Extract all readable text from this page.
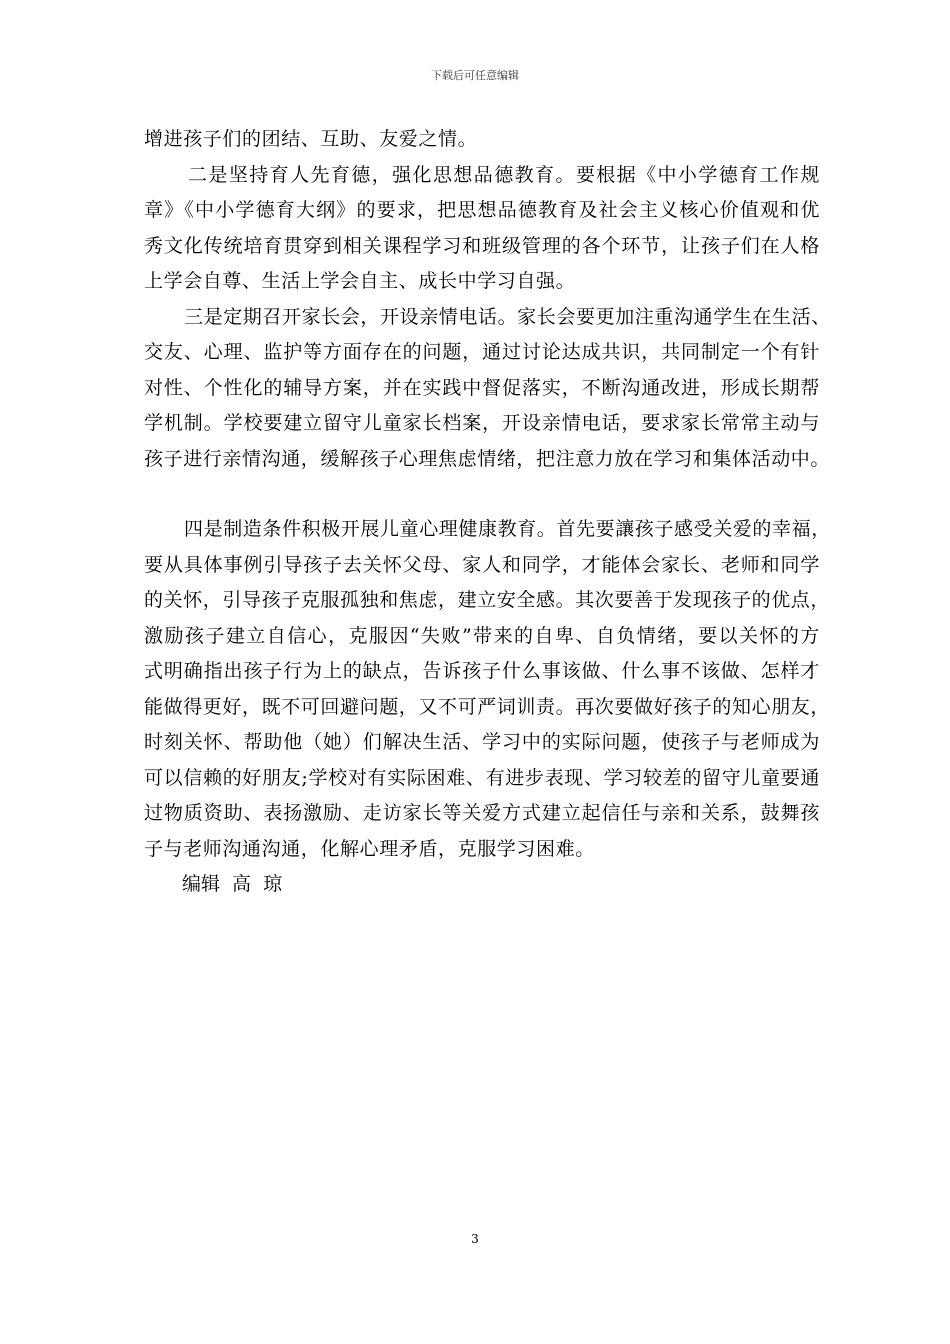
下载后可任意编辑
增进孩子们的团结、互助、友爱之情。
二是坚持育人先育德，强化思想品德教育。要根据《中小学德育工作规
章》《中小学德育大纲》的要求，把思想品德教育及社会主义核心价值观和优
秀文化传统培育贯穿到相关课程学习和班级管理的各个环节，让孩子们在人格
上学会自尊、生活上学会自主、成长中学习自强。
三是定期召开家长会，开设亲情电话。家长会要更加注重沟通学生在生活、
交友、心理、监护等方面存在的问题，通过讨论达成共识，共同制定一个有针
对性、个性化的辅导方案，并在实践中督促落实，不断沟通改进，形成长期帮
学机制。学校要建立留守儿童家长档案，开设亲情电话，要求家长常常主动与
孩子进行亲情沟通，缓解孩子心理焦虑情绪，把注意力放在学习和集体活动中。
四是制造条件积极开展儿童心理健康教育。首先要讓孩子感受关爱的幸福，
要从具体事例引导孩子去关怀父母、家人和同学，才能体会家长、老师和同学
的关怀，引导孩子克服孤独和焦虑，建立安全感。其次要善于发现孩子的优点，
激励孩子建立自信心，克服因“失败”带来的自卑、自负情绪，要以关怀的方
式明确指出孩子行为上的缺点，告诉孩子什么事该做、什么事不该做、怎样才
能做得更好，既不可回避问题，又不可严词训责。再次要做好孩子的知心朋友，
时刻关怀、帮助他（她）们解决生活、学习中的实际问题，使孩子与老师成为
可以信赖的好朋友;学校对有实际困难、有进步表现、学习较差的留守儿童要通
过物质资助、表扬激励、走访家长等关爱方式建立起信任与亲和关系，鼓舞孩
子与老师沟通沟通，化解心理矛盾，克服学习困难。
编辑 高 琼
3
